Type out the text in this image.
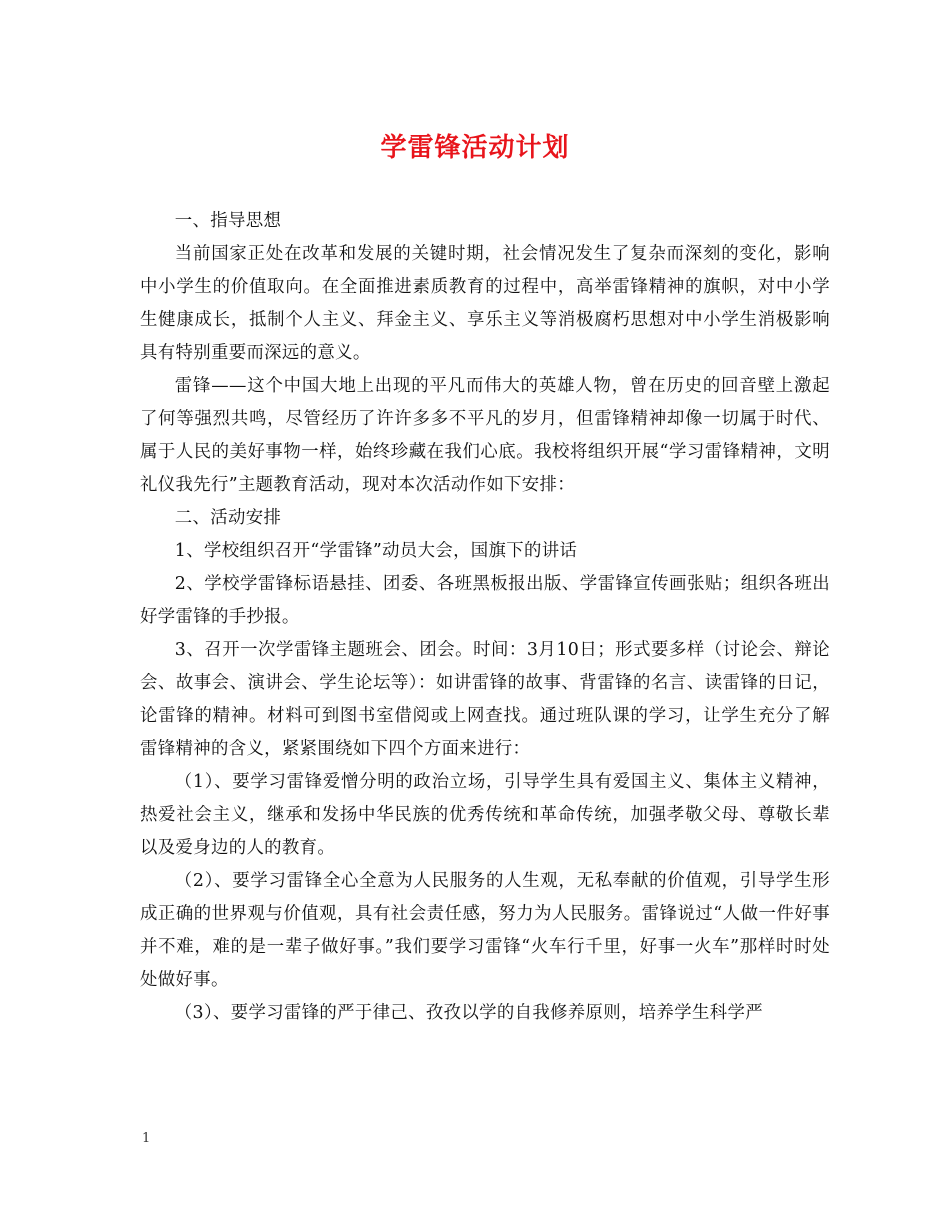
学雷锋活动计划

一、指导思想

当前国家正处在改革和发展的关键时期，社会情况发生了复杂而深刻的变化，影响中小学生的价值取向。在全面推进素质教育的过程中，高举雷锋精神的旗帜，对中小学生健康成长，抵制个人主义、拜金主义、享乐主义等消极腐朽思想对中小学生消极影响具有特别重要而深远的意义。

雷锋——这个中国大地上出现的平凡而伟大的英雄人物，曾在历史的回音壁上激起了何等强烈共鸣，尽管经历了许许多多不平凡的岁月，但雷锋精神却像一切属于时代、属于人民的美好事物一样，始终珍藏在我们心底。我校将组织开展“学习雷锋精神，文明礼仪我先行”主题教育活动，现对本次活动作如下安排：

二、活动安排

1、学校组织召开“学雷锋”动员大会，国旗下的讲话

2、学校学雷锋标语悬挂、团委、各班黑板报出版、学雷锋宣传画张贴；组织各班出好学雷锋的手抄报。

3、召开一次学雷锋主题班会、团会。时间：3月10日；形式要多样（讨论会、辩论会、故事会、演讲会、学生论坛等）：如讲雷锋的故事、背雷锋的名言、读雷锋的日记，论雷锋的精神。材料可到图书室借阅或上网查找。通过班队课的学习，让学生充分了解雷锋精神的含义，紧紧围绕如下四个方面来进行：

（1）、要学习雷锋爱憎分明的政治立场，引导学生具有爱国主义、集体主义精神，热爱社会主义，继承和发扬中华民族的优秀传统和革命传统，加强孝敬父母、尊敬长辈以及爱身边的人的教育。

（2）、要学习雷锋全心全意为人民服务的人生观，无私奉献的价值观，引导学生形成正确的世界观与价值观，具有社会责任感，努力为人民服务。雷锋说过“人做一件好事并不难，难的是一辈子做好事。”我们要学习雷锋“火车行千里，好事一火车”那样时时处处做好事。

（3）、要学习雷锋的严于律己、孜孜以学的自我修养原则，培养学生科学严

1
